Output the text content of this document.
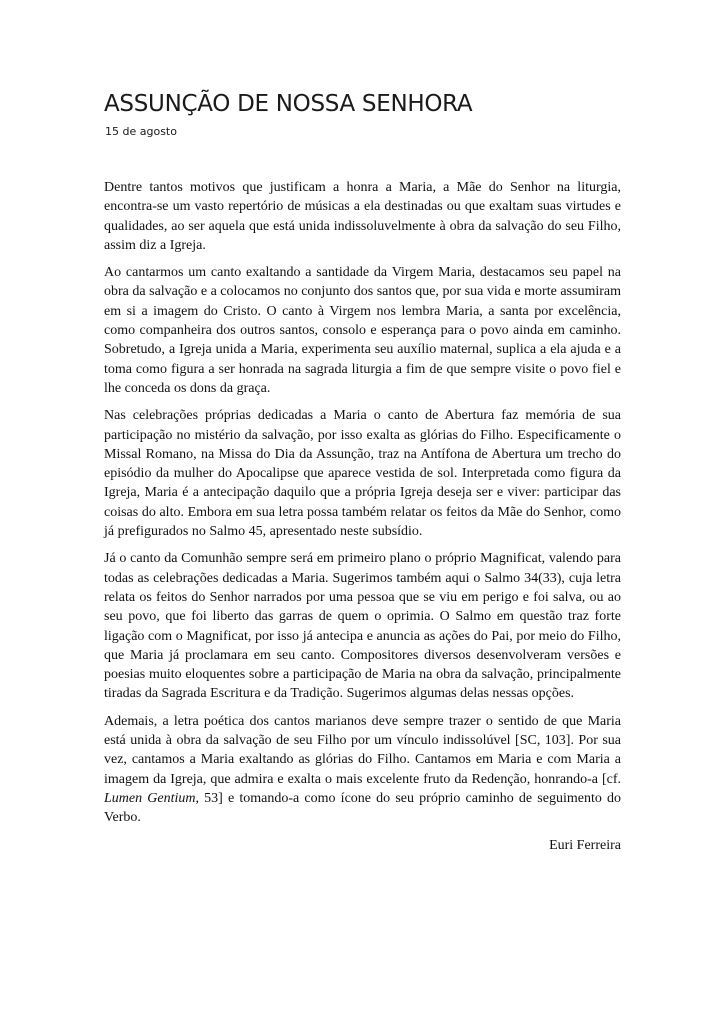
ASSUNÇÃO DE NOSSA SENHORA

15 de agosto

Dentre tantos motivos que justificam a honra a Maria, a Mãe do Senhor na liturgia, encontra-se um vasto repertório de músicas a ela destinadas ou que exaltam suas virtudes e qualidades, ao ser aquela que está unida indissoluvelmente à obra da salvação do seu Filho, assim diz a Igreja.

Ao cantarmos um canto exaltando a santidade da Virgem Maria, destacamos seu papel na obra da salvação e a colocamos no conjunto dos santos que, por sua vida e morte assumiram em si a imagem do Cristo. O canto à Virgem nos lembra Maria, a santa por excelência, como companheira dos outros santos, consolo e esperança para o povo ainda em caminho. Sobretudo, a Igreja unida a Maria, experimenta seu auxílio maternal, suplica a ela ajuda e a toma como figura a ser honrada na sagrada liturgia a fim de que sempre visite o povo fiel e lhe conceda os dons da graça.

Nas celebrações próprias dedicadas a Maria o canto de Abertura faz memória de sua participação no mistério da salvação, por isso exalta as glórias do Filho. Especificamente o Missal Romano, na Missa do Dia da Assunção, traz na Antífona de Abertura um trecho do episódio da mulher do Apocalipse que aparece vestida de sol. Interpretada como figura da Igreja, Maria é a antecipação daquilo que a própria Igreja deseja ser e viver: participar das coisas do alto. Embora em sua letra possa também relatar os feitos da Mãe do Senhor, como já prefigurados no Salmo 45, apresentado neste subsídio.

Já o canto da Comunhão sempre será em primeiro plano o próprio Magnificat, valendo para todas as celebrações dedicadas a Maria. Sugerimos também aqui o Salmo 34(33), cuja letra relata os feitos do Senhor narrados por uma pessoa que se viu em perigo e foi salva, ou ao seu povo, que foi liberto das garras de quem o oprimia. O Salmo em questão traz forte ligação com o Magnificat, por isso já antecipa e anuncia as ações do Pai, por meio do Filho, que Maria já proclamara em seu canto. Compositores diversos desenvolveram versões e poesias muito eloquentes sobre a participação de Maria na obra da salvação, principalmente tiradas da Sagrada Escritura e da Tradição. Sugerimos algumas delas nessas opções.

Ademais, a letra poética dos cantos marianos deve sempre trazer o sentido de que Maria está unida à obra da salvação de seu Filho por um vínculo indissolúvel [SC, 103]. Por sua vez, cantamos a Maria exaltando as glórias do Filho. Cantamos em Maria e com Maria a imagem da Igreja, que admira e exalta o mais excelente fruto da Redenção, honrando-a [cf. Lumen Gentium, 53] e tomando-a como ícone do seu próprio caminho de seguimento do Verbo.

Euri Ferreira
